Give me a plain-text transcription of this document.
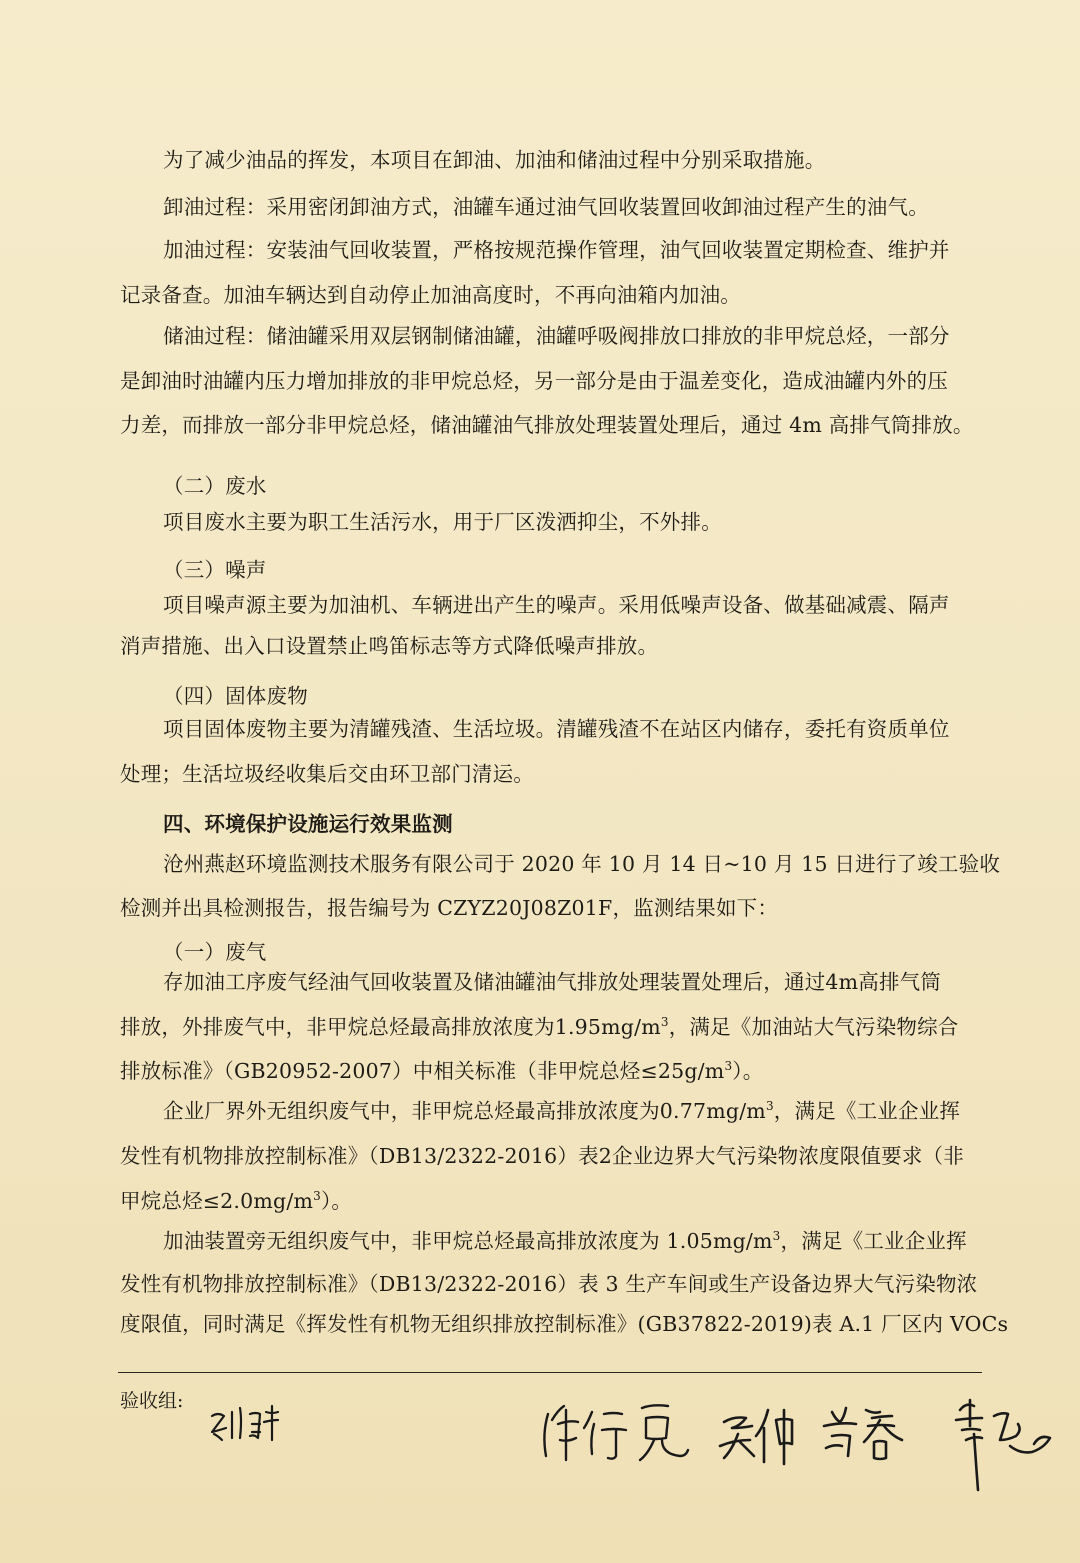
为了减少油品的挥发，本项目在卸油、加油和储油过程中分别采取措施。
卸油过程：采用密闭卸油方式，油罐车通过油气回收装置回收卸油过程产生的油气。
加油过程：安装油气回收装置，严格按规范操作管理，油气回收装置定期检查、维护并
记录备查。加油车辆达到自动停止加油高度时，不再向油箱内加油。
储油过程：储油罐采用双层钢制储油罐，油罐呼吸阀排放口排放的非甲烷总烃，一部分
是卸油时油罐内压力增加排放的非甲烷总烃，另一部分是由于温差变化，造成油罐内外的压
力差，而排放一部分非甲烷总烃，储油罐油气排放处理装置处理后，通过 4m 高排气筒排放。
（二）废水
项目废水主要为职工生活污水，用于厂区泼洒抑尘，不外排。
（三）噪声
项目噪声源主要为加油机、车辆进出产生的噪声。采用低噪声设备、做基础减震、隔声
消声措施、出入口设置禁止鸣笛标志等方式降低噪声排放。
（四）固体废物
项目固体废物主要为清罐残渣、生活垃圾。清罐残渣不在站区内储存，委托有资质单位
处理；生活垃圾经收集后交由环卫部门清运。
四、环境保护设施运行效果监测
沧州燕赵环境监测技术服务有限公司于 2020 年 10 月 14 日~10 月 15 日进行了竣工验收
检测并出具检测报告，报告编号为 CZYZ20J08Z01F，监测结果如下：
（一）废气
存加油工序废气经油气回收装置及储油罐油气排放处理装置处理后，通过4m高排气筒
排放，外排废气中，非甲烷总烃最高排放浓度为$1.95mg/m^3$，满足《加油站大气污染物综合
排放标准》（GB20952-2007）中相关标准（非甲烷总烃$\le 25g/m^3$）。
企业厂界外无组织废气中，非甲烷总烃最高排放浓度为$0.77mg/m^3$，满足《工业企业挥
发性有机物排放控制标准》（DB13/2322-2016）表2企业边界大气污染物浓度限值要求（非
甲烷总烃$\le 2.0mg/m^3$）。
加油装置旁无组织废气中，非甲烷总烃最高排放浓度为 $1.05mg/m^3$，满足《工业企业挥
发性有机物排放控制标准》（DB13/2322-2016）表 3 生产车间或生产设备边界大气污染物浓
度限值，同时满足《挥发性有机物无组织排放控制标准》(GB37822-2019)表 A.1 厂区内 VOCs
验收组:
